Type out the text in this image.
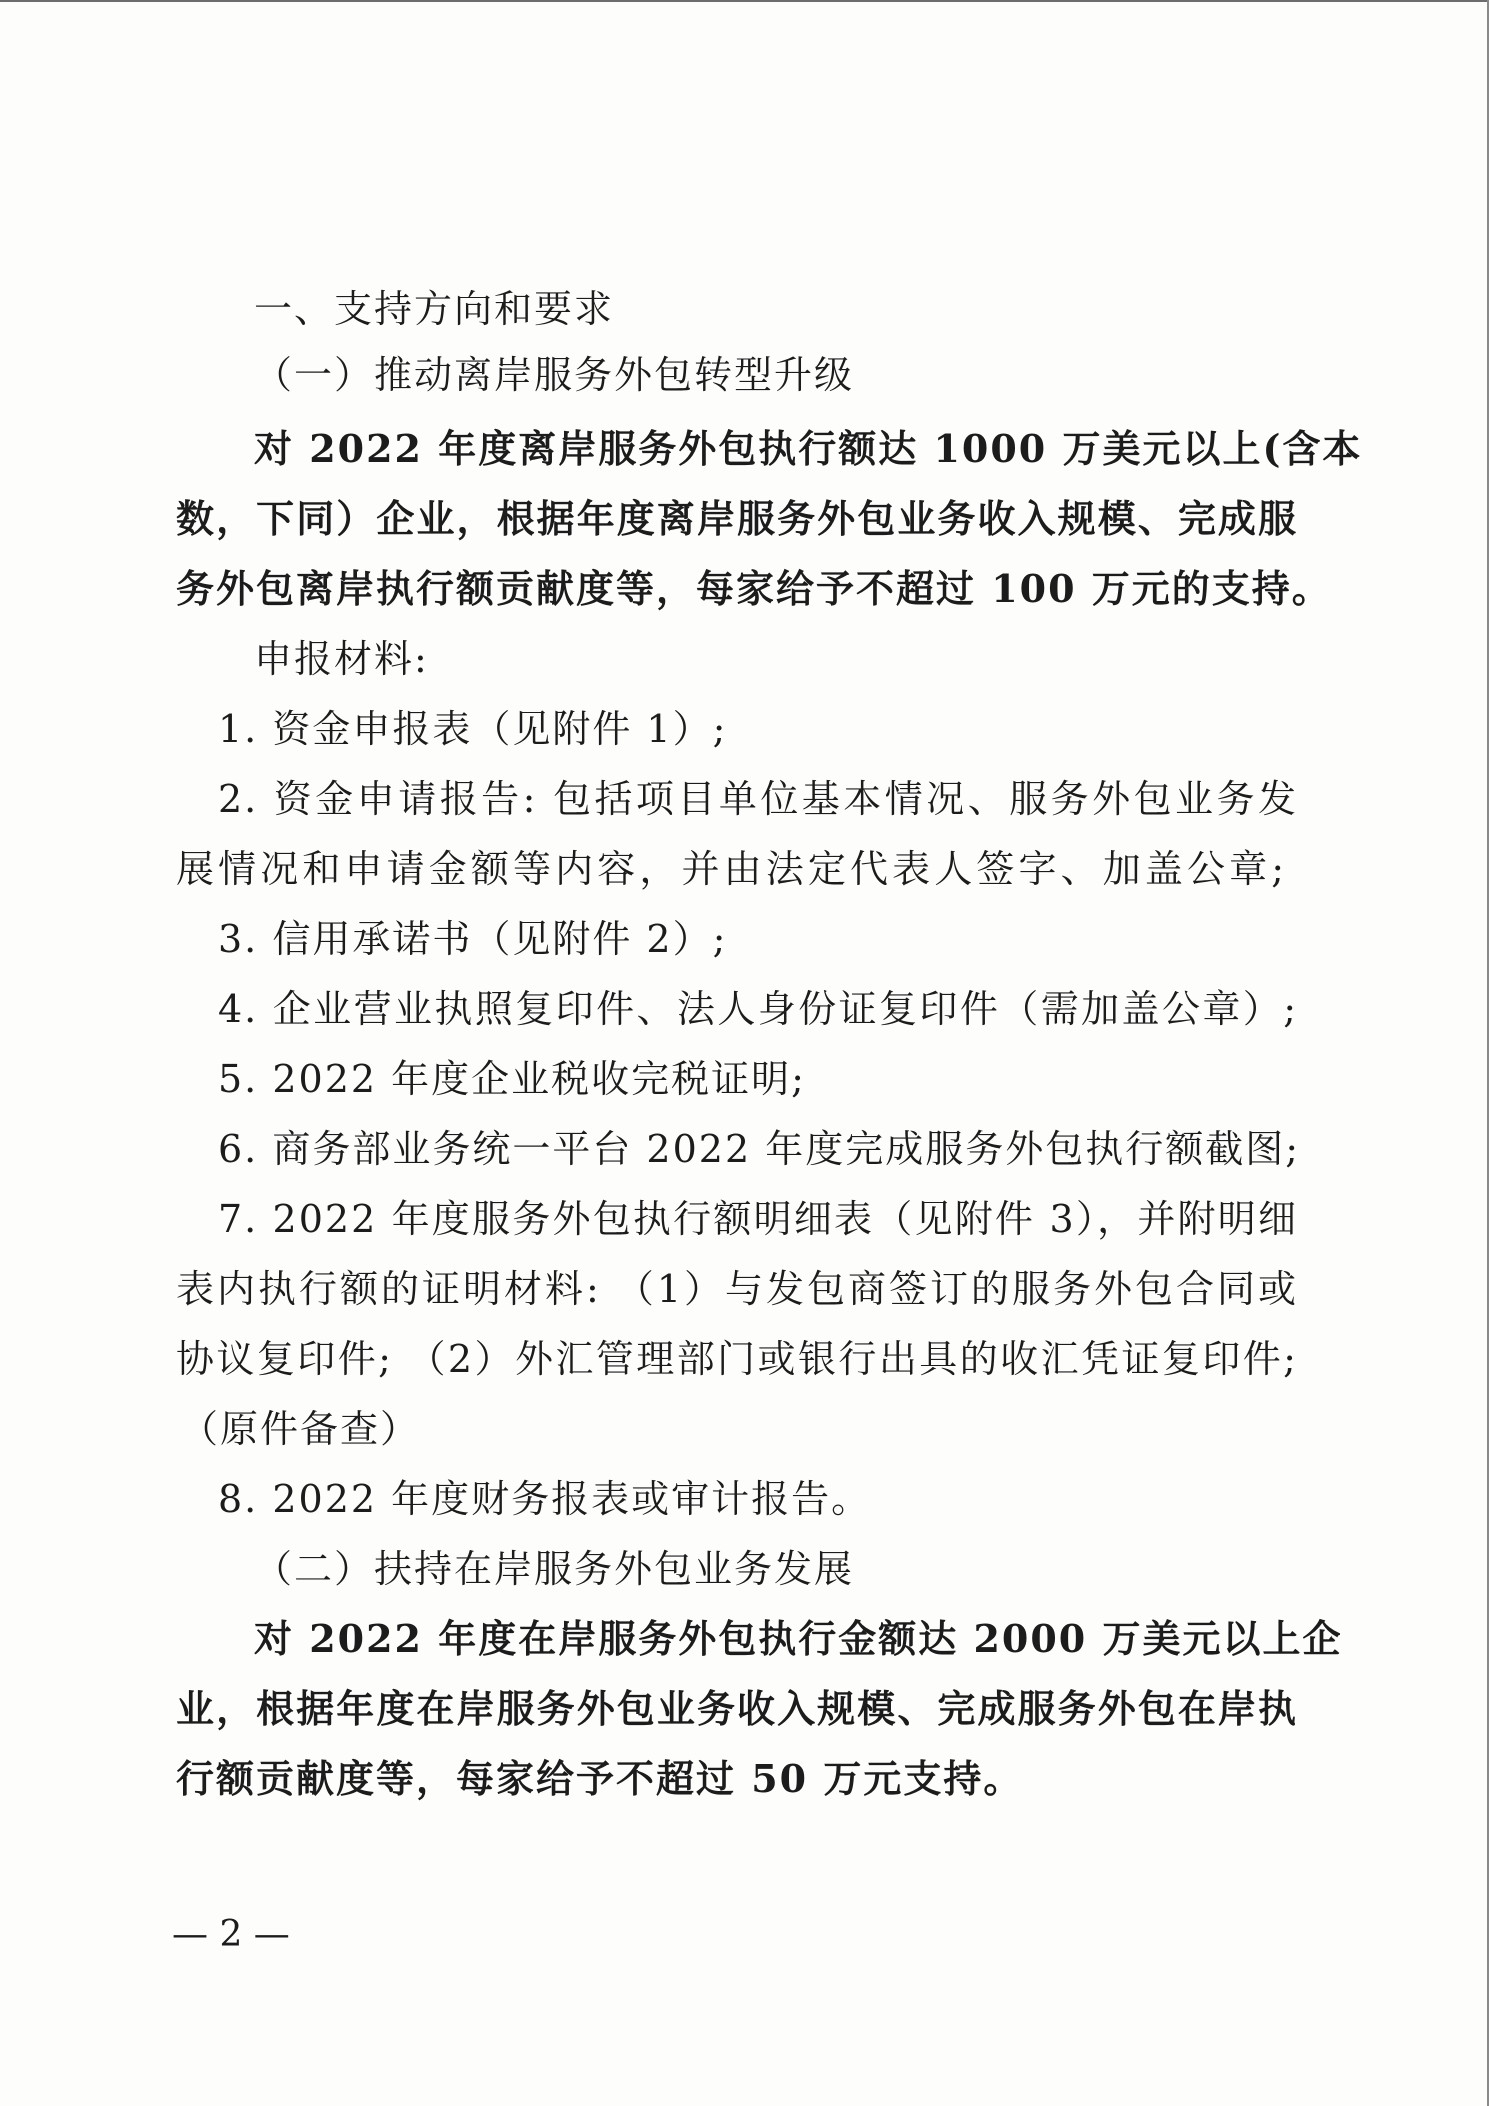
一、支持方向和要求
（一）推动离岸服务外包转型升级
对 2022 年度离岸服务外包执行额达 1000 万美元以上(含本
数，下同）企业，根据年度离岸服务外包业务收入规模、完成服
务外包离岸执行额贡献度等，每家给予不超过 100 万元的支持。
申报材料:
1. 资金申报表（见附件 1）;
2. 资金申请报告: 包括项目单位基本情况、服务外包业务发
展情况和申请金额等内容，并由法定代表人签字、加盖公章;
3. 信用承诺书（见附件 2）;
4. 企业营业执照复印件、法人身份证复印件（需加盖公章）;
5. 2022 年度企业税收完税证明;
6. 商务部业务统一平台 2022 年度完成服务外包执行额截图;
7. 2022 年度服务外包执行额明细表（见附件 3），并附明细
表内执行额的证明材料: （1）与发包商签订的服务外包合同或
协议复印件; （2）外汇管理部门或银行出具的收汇凭证复印件;
（原件备查）
8. 2022 年度财务报表或审计报告。
（二）扶持在岸服务外包业务发展
对 2022 年度在岸服务外包执行金额达 2000 万美元以上企
业，根据年度在岸服务外包业务收入规模、完成服务外包在岸执
行额贡献度等，每家给予不超过 50 万元支持。
— 2 —
